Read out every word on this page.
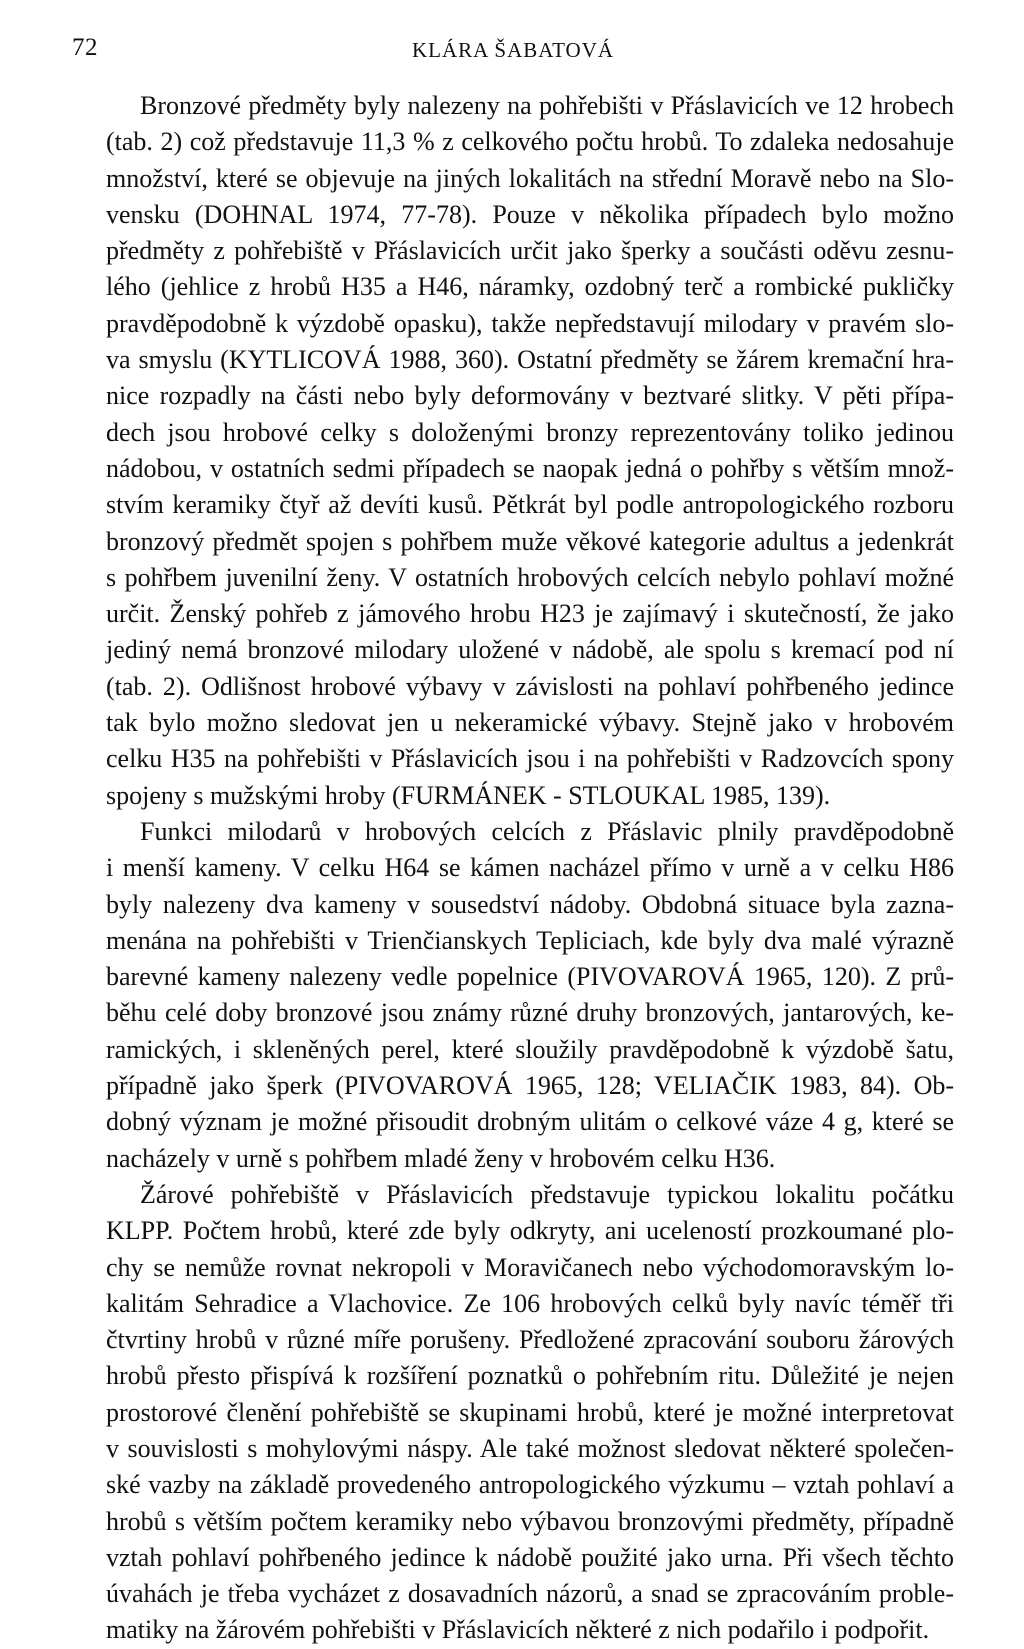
72	KLÁRA ŠABATOVÁ
Bronzové předměty byly nalezeny na pohřebišti v Přáslavicích ve 12 hrobech
(tab. 2) což představuje 11,3 % z celkového počtu hrobů. To zdaleka nedosahuje
množství, které se objevuje na jiných lokalitách na střední Moravě nebo na Slo-
vensku (DOHNAL 1974, 77-78). Pouze v několika případech bylo možno
předměty z pohřebiště v Přáslavicích určit jako šperky a součásti oděvu zesnu-
lého (jehlice z hrobů H35 a H46, náramky, ozdobný terč a rombické pukličky
pravděpodobně k výzdobě opasku), takže nepředstavují milodary v pravém slo-
va smyslu (KYTLICOVÁ 1988, 360). Ostatní předměty se žárem kremační hra-
nice rozpadly na části nebo byly deformovány v beztvaré slitky. V pěti přípa-
dech jsou hrobové celky s doloženými bronzy reprezentovány toliko jedinou
nádobou, v ostatních sedmi případech se naopak jedná o pohřby s větším množ-
stvím keramiky čtyř až devíti kusů. Pětkrát byl podle antropologického rozboru
bronzový předmět spojen s pohřbem muže věkové kategorie adultus a jedenkrát
s pohřbem juvenilní ženy. V ostatních hrobových celcích nebylo pohlaví možné
určit. Ženský pohřeb z jámového hrobu H23 je zajímavý i skutečností, že jako
jediný nemá bronzové milodary uložené v nádobě, ale spolu s kremací pod ní
(tab. 2). Odlišnost hrobové výbavy v závislosti na pohlaví pohřbeného jedince
tak bylo možno sledovat jen u nekeramické výbavy. Stejně jako v hrobovém
celku H35 na pohřebišti v Přáslavicích jsou i na pohřebišti v Radzovcích spony
spojeny s mužskými hroby (FURMÁNEK - STLOUKAL 1985, 139).
Funkci milodarů v hrobových celcích z Přáslavic plnily pravděpodobně
i menší kameny. V celku H64 se kámen nacházel přímo v urně a v celku H86
byly nalezeny dva kameny v sousedství nádoby. Obdobná situace byla zazna-
menána na pohřebišti v Trienčianskych Tepliciach, kde byly dva malé výrazně
barevné kameny nalezeny vedle popelnice (PIVOVAROVÁ 1965, 120). Z prů-
běhu celé doby bronzové jsou známy různé druhy bronzových, jantarových, ke-
ramických, i skleněných perel, které sloužily pravděpodobně k výzdobě šatu,
případně jako šperk (PIVOVAROVÁ 1965, 128; VELIAČIK 1983, 84). Ob-
dobný význam je možné přisoudit drobným ulitám o celkové váze 4 g, které se
nacházely v urně s pohřbem mladé ženy v hrobovém celku H36.
Žárové pohřebiště v Přáslavicích představuje typickou lokalitu počátku
KLPP. Počtem hrobů, které zde byly odkryty, ani uceleností prozkoumané plo-
chy se nemůže rovnat nekropoli v Moravičanech nebo východomoravským lo-
kalitám Sehradice a Vlachovice. Ze 106 hrobových celků byly navíc téměř tři
čtvrtiny hrobů v různé míře porušeny. Předložené zpracování souboru žárových
hrobů přesto přispívá k rozšíření poznatků o pohřebním ritu. Důležité je nejen
prostorové členění pohřebiště se skupinami hrobů, které je možné interpretovat
v souvislosti s mohylovými náspy. Ale také možnost sledovat některé společen-
ské vazby na základě provedeného antropologického výzkumu – vztah pohlaví a
hrobů s větším počtem keramiky nebo výbavou bronzovými předměty, případně
vztah pohlaví pohřbeného jedince k nádobě použité jako urna. Při všech těchto
úvahách je třeba vycházet z dosavadních názorů, a snad se zpracováním proble-
matiky na žárovém pohřebišti v Přáslavicích některé z nich podařilo i podpořit.
